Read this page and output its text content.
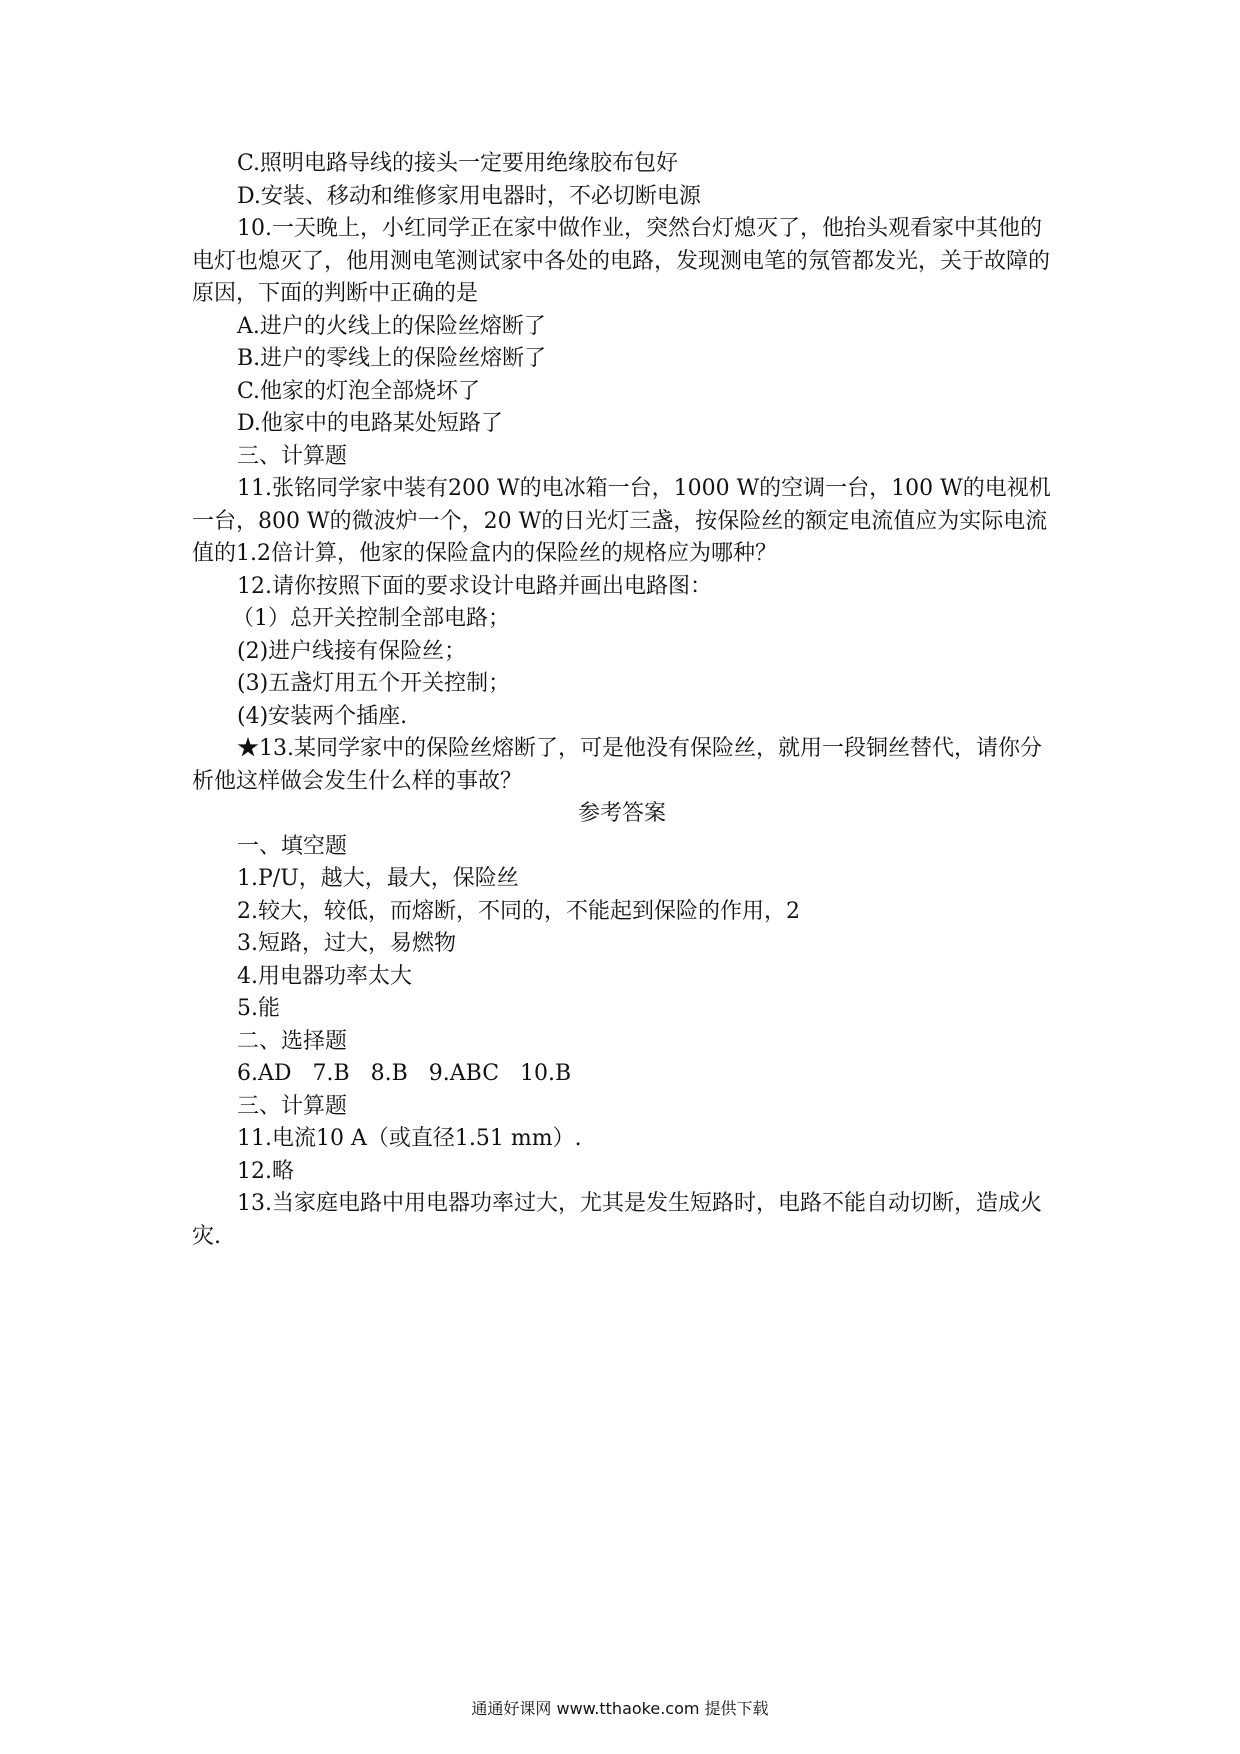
C.照明电路导线的接头一定要用绝缘胶布包好
D.安装、移动和维修家用电器时，不必切断电源
10.一天晚上，小红同学正在家中做作业，突然台灯熄灭了，他抬头观看家中其他的电灯也熄灭了，他用测电笔测试家中各处的电路，发现测电笔的氖管都发光，关于故障的原因，下面的判断中正确的是
A.进户的火线上的保险丝熔断了
B.进户的零线上的保险丝熔断了
C.他家的灯泡全部烧坏了
D.他家中的电路某处短路了
三、计算题
11.张铭同学家中装有200 W的电冰箱一台，1000 W的空调一台，100 W的电视机一台，800 W的微波炉一个，20 W的日光灯三盏，按保险丝的额定电流值应为实际电流值的1.2倍计算，他家的保险盒内的保险丝的规格应为哪种？
12.请你按照下面的要求设计电路并画出电路图：
（1）总开关控制全部电路；
(2)进户线接有保险丝；
(3)五盏灯用五个开关控制；
(4)安装两个插座.
★13.某同学家中的保险丝熔断了，可是他没有保险丝，就用一段铜丝替代，请你分析他这样做会发生什么样的事故？
参考答案
一、填空题
1.P/U，越大，最大，保险丝
2.较大，较低，而熔断，不同的，不能起到保险的作用，2
3.短路，过大，易燃物
4.用电器功率太大
5.能
二、选择题
6.AD   7.B   8.B   9.ABC   10.B
三、计算题
11.电流10 A（或直径1.51 mm）.
12.略
13.当家庭电路中用电器功率过大，尤其是发生短路时，电路不能自动切断，造成火灾.
通通好课网 www.tthaoke.com 提供下载
